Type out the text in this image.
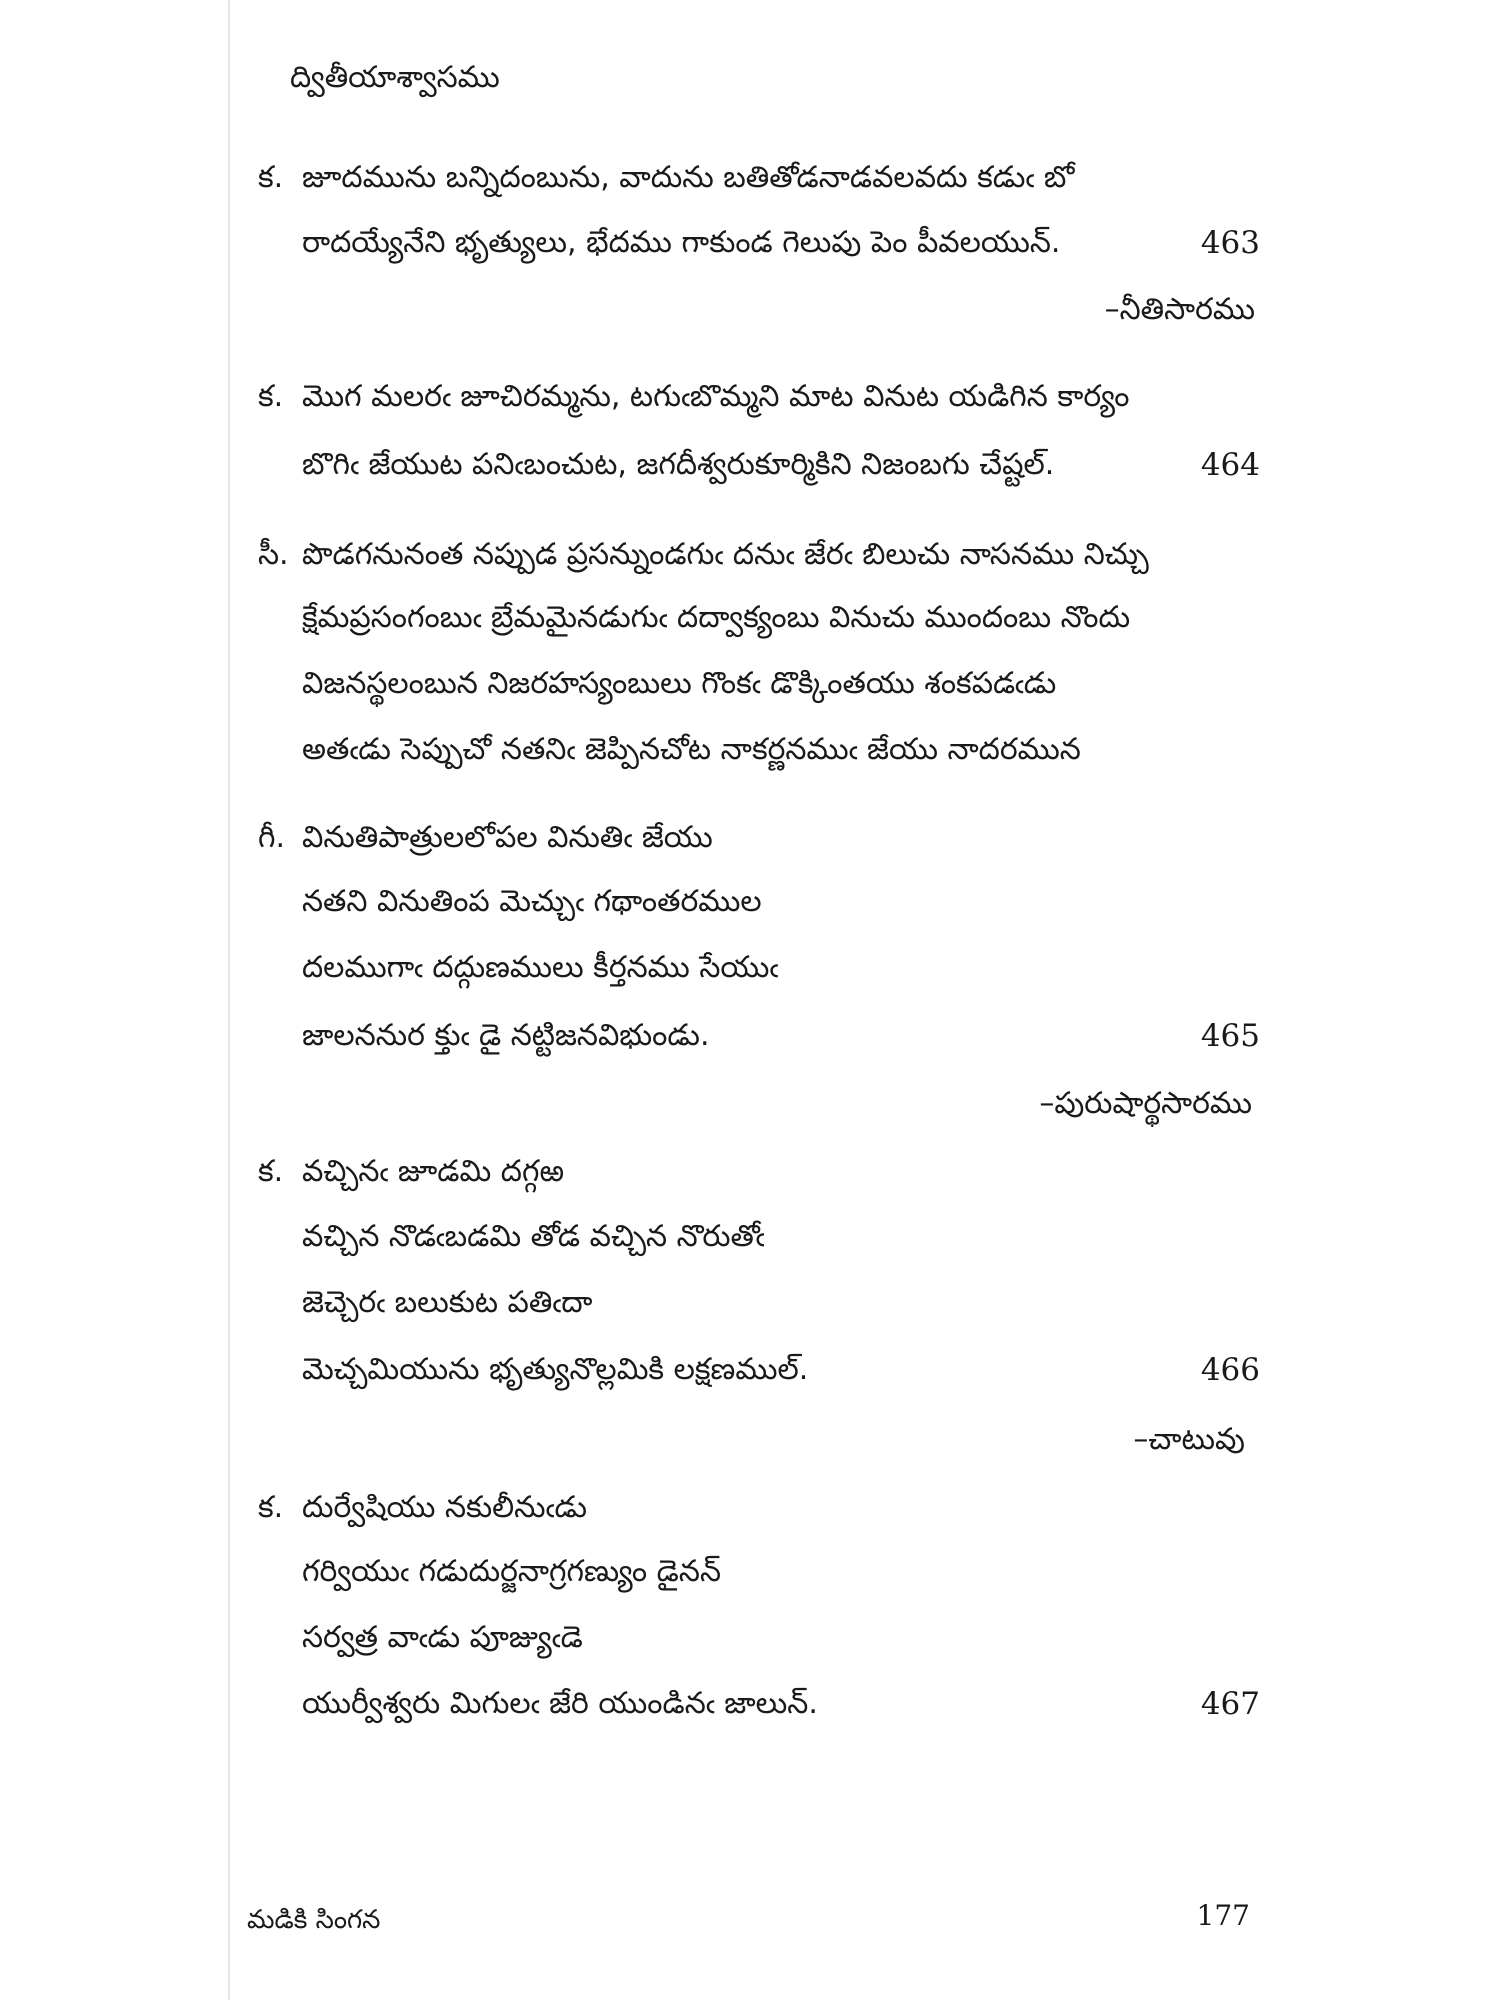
ద్వితీయాశ్వాసము
క. జూదమును బన్నిదంబును, వాదును బతితోడనాడవలవదు కడుఁ బో
రాదయ్యేనేని భృత్యులు, భేదము గాకుండ గెలుపు పెం పీవలయున్.	463
–నీతిసారము
క. మొగ మలరఁ జూచిరమ్మను, టగుఁబొమ్మని మాట వినుట యడిగిన కార్యం
బొగిఁ జేయుట పనిఁబంచుట, జగదీశ్వరుకూర్మికిని నిజంబగు చేష్టల్.	464
సీ. పొడగనునంత నప్పుడ ప్రసన్నుండగుఁ దనుఁ జేరఁ బిలుచు నాసనము నిచ్చు
క్షేమప్రసంగంబుఁ బ్రేమమైనడుగుఁ దద్వాక్యంబు వినుచు ముందంబు నొందు
విజనస్థలంబున నిజరహస్యంబులు గొంకఁ డొక్కింతయు శంకపడఁడు
అతఁడు సెప్పుచో నతనిఁ జెప్పినచోట నాకర్ణనముఁ జేయు నాదరమున
గీ. వినుతిపాత్రులలోపల వినుతిఁ జేయు
నతని వినుతింప మెచ్చుఁ గథాంతరముల
దలముగాఁ దద్గుణములు కీర్తనము సేయుఁ
జాలననుర క్తుఁ డై నట్టిజనవిభుండు.	465
–పురుషార్థసారము
క. వచ్చినఁ జూడమి దగ్గఱ
వచ్చిన నొడఁబడమి తోడ వచ్చిన నొరుతోఁ
జెచ్చెరఁ బలుకుట పతిఁదా
మెచ్చమియును భృత్యునొల్లమికి లక్షణముల్.	466
–చాటువు
క. దుర్వేషియు నకులీనుఁడు
గర్వియుఁ గడుదుర్జనాగ్రగణ్యుం డైనన్
సర్వత్ర వాఁడు పూజ్యుఁడె
యుర్వీశ్వరు మిగులఁ జేరి యుండినఁ జాలున్.	467
మడికి సింగన	177
